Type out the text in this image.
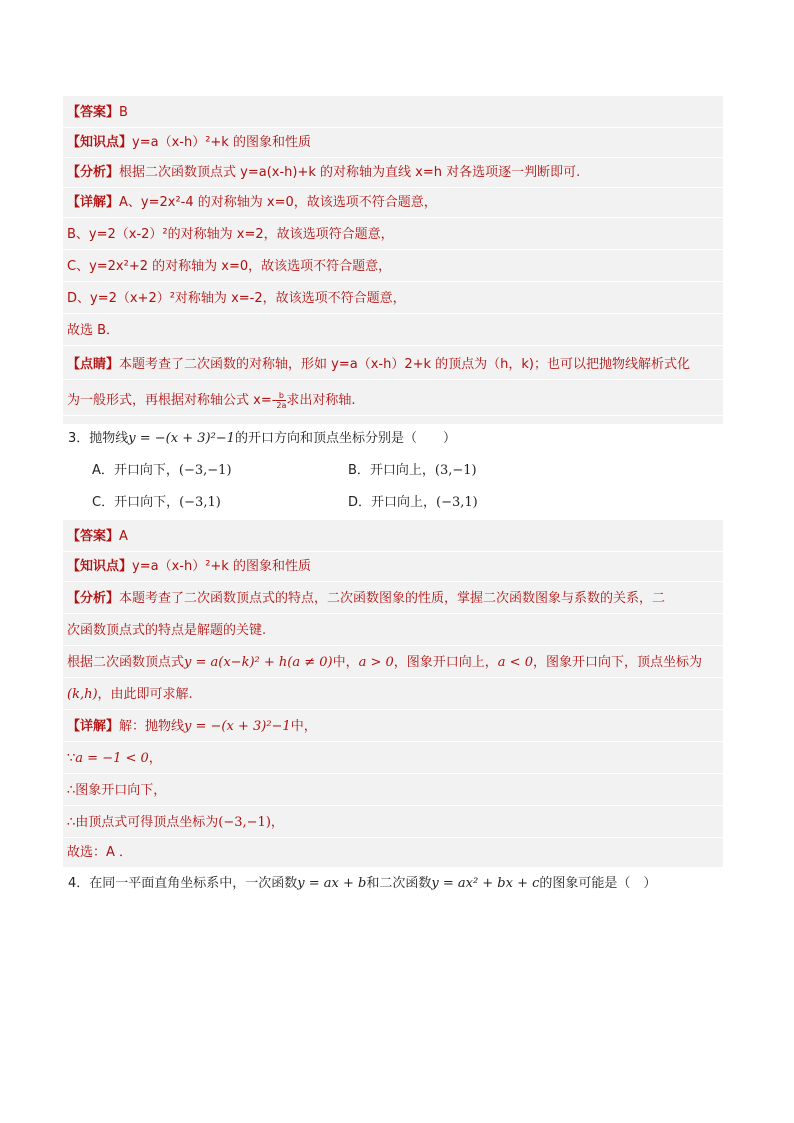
【答案】B
【知识点】y=a（x-h）²+k 的图象和性质
【分析】根据二次函数顶点式 y=a(x-h)+k 的对称轴为直线 x=h 对各选项逐一判断即可.
【详解】A、y=2x²-4 的对称轴为 x=0，故该选项不符合题意，
B、y=2（x-2）²的对称轴为 x=2，故该选项符合题意，
C、y=2x²+2 的对称轴为 x=0，故该选项不符合题意，
D、y=2（x+2）²对称轴为 x=-2，故该选项不符合题意，
故选 B．
【点睛】本题考查了二次函数的对称轴，形如 y=a（x-h）2+k 的顶点为（h，k)；也可以把抛物线解析式化
为一般形式，再根据对称轴公式 $x=- \frac{b}{2a}$ 求出对称轴.
3．抛物线y = −(x + 3)²−1的开口方向和顶点坐标分别是（　　）
A．开口向下，(−3,−1)	B．开口向上，(3,−1)
C．开口向下，(−3,1)	D．开口向上，(−3,1)
【答案】A
【知识点】y=a（x-h）²+k 的图象和性质
【分析】本题考查了二次函数顶点式的特点，二次函数图象的性质，掌握二次函数图象与系数的关系，二
次函数顶点式的特点是解题的关键.
根据二次函数顶点式y = a(x−k)² + h(a ≠ 0)中，a > 0，图象开口向上，a < 0，图象开口向下，顶点坐标为
(k,h)，由此即可求解.
【详解】解：抛物线y = −(x + 3)²−1中，
∵a = −1 < 0，
∴图象开口向下，
∴由顶点式可得顶点坐标为(−3,−1)，
故选：A ．
4．在同一平面直角坐标系中，一次函数y = ax + b和二次函数y = ax² + bx + c的图象可能是（　）
